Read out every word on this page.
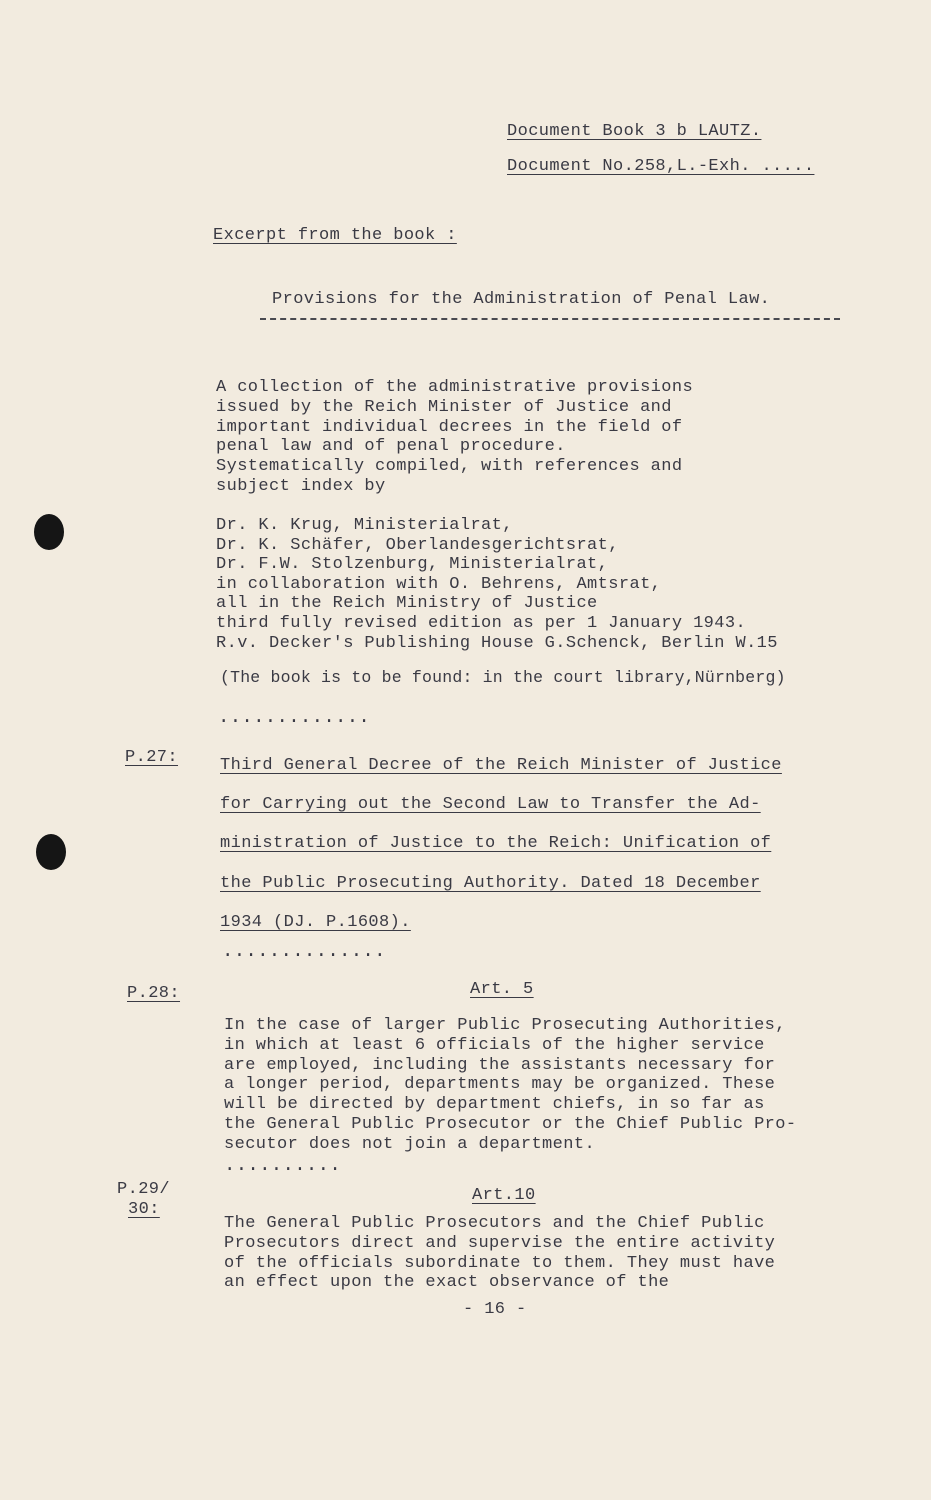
Document Book 3 b LAUTZ.
Document No.258,L.-Exh. .....
Excerpt from the book :
Provisions for the Administration of Penal Law.
A collection of the administrative provisions
issued by the Reich Minister of Justice and
important individual decrees in the field of
penal law and of penal procedure.
Systematically compiled, with references and
subject index by
Dr. K. Krug, Ministerialrat,
Dr. K. Schäfer, Oberlandesgerichtsrat,
Dr. F.W. Stolzenburg, Ministerialrat,
in collaboration with O. Behrens, Amtsrat,
all in the Reich Ministry of Justice
third fully revised edition as per 1 January 1943.
R.v. Decker's Publishing House G.Schenck, Berlin W.15
(The book is to be found: in the court library,Nürnberg)
.............
P.27: Third General Decree of the Reich Minister of Justice
for Carrying out the Second Law to Transfer the Ad-
ministration of Justice to the Reich: Unification of
the Public Prosecuting Authority. Dated 18 December
1934 (DJ. P.1608).
..............
P.28:	Art. 5
In the case of larger Public Prosecuting Authorities,
in which at least 6 officials of the higher service
are employed, including the assistants necessary for
a longer period, departments may be organized. These
will be directed by department chiefs, in so far as
the General Public Prosecutor or the Chief Public Pro-
secutor does not join a department.
..........
P.29/
30:
Art.10
The General Public Prosecutors and the Chief Public
Prosecutors direct and supervise the entire activity
of the officials subordinate to them. They must have
an effect upon the exact observance of the
- 16 -
